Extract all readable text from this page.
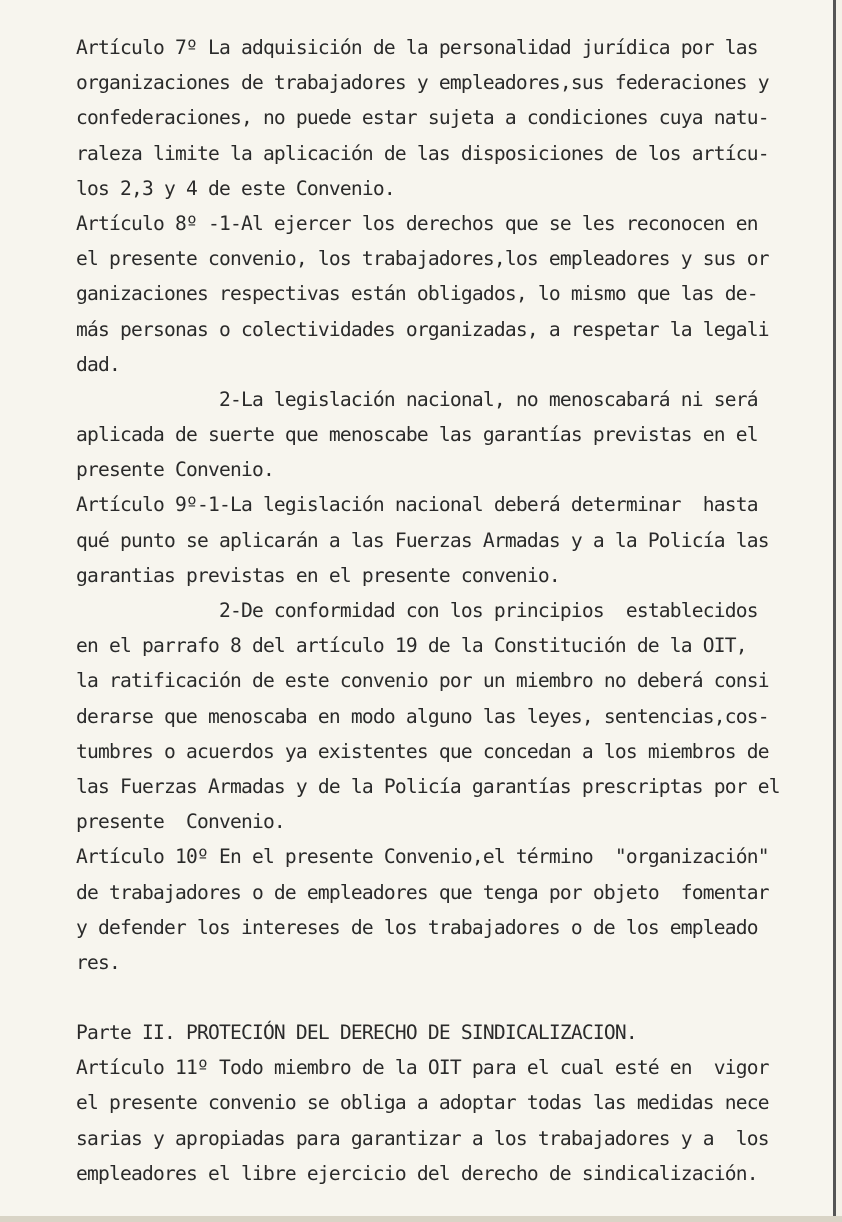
Artículo 7º La adquisición de la personalidad jurídica por las
organizaciones de trabajadores y empleadores,sus federaciones y
confederaciones, no puede estar sujeta a condiciones cuya natu-
raleza limite la aplicación de las disposiciones de los artícu-
los 2,3 y 4 de este Convenio.
Artículo 8º -1-Al ejercer los derechos que se les reconocen en
el presente convenio, los trabajadores,los empleadores y sus or
ganizaciones respectivas están obligados, lo mismo que las de-
más personas o colectividades organizadas, a respetar la legali
dad.
2-La legislación nacional, no menoscabará ni será
aplicada de suerte que menoscabe las garantías previstas en el
presente Convenio.
Artículo 9º-1-La legislación nacional deberá determinar  hasta
qué punto se aplicarán a las Fuerzas Armadas y a la Policía las
garantias previstas en el presente convenio.
2-De conformidad con los principios  establecidos
en el parrafo 8 del artículo 19 de la Constitución de la OIT,
la ratificación de este convenio por un miembro no deberá consi
derarse que menoscaba en modo alguno las leyes, sentencias,cos-
tumbres o acuerdos ya existentes que concedan a los miembros de
las Fuerzas Armadas y de la Policía garantías prescriptas por el
presente  Convenio.
Artículo 10º En el presente Convenio,el término  "organización"
de trabajadores o de empleadores que tenga por objeto  fomentar
y defender los intereses de los trabajadores o de los empleado
res.
Parte II. PROTECIÓN DEL DERECHO DE SINDICALIZACION.
Artículo 11º Todo miembro de la OIT para el cual esté en  vigor
el presente convenio se obliga a adoptar todas las medidas nece
sarias y apropiadas para garantizar a los trabajadores y a  los
empleadores el libre ejercicio del derecho de sindicalización.
